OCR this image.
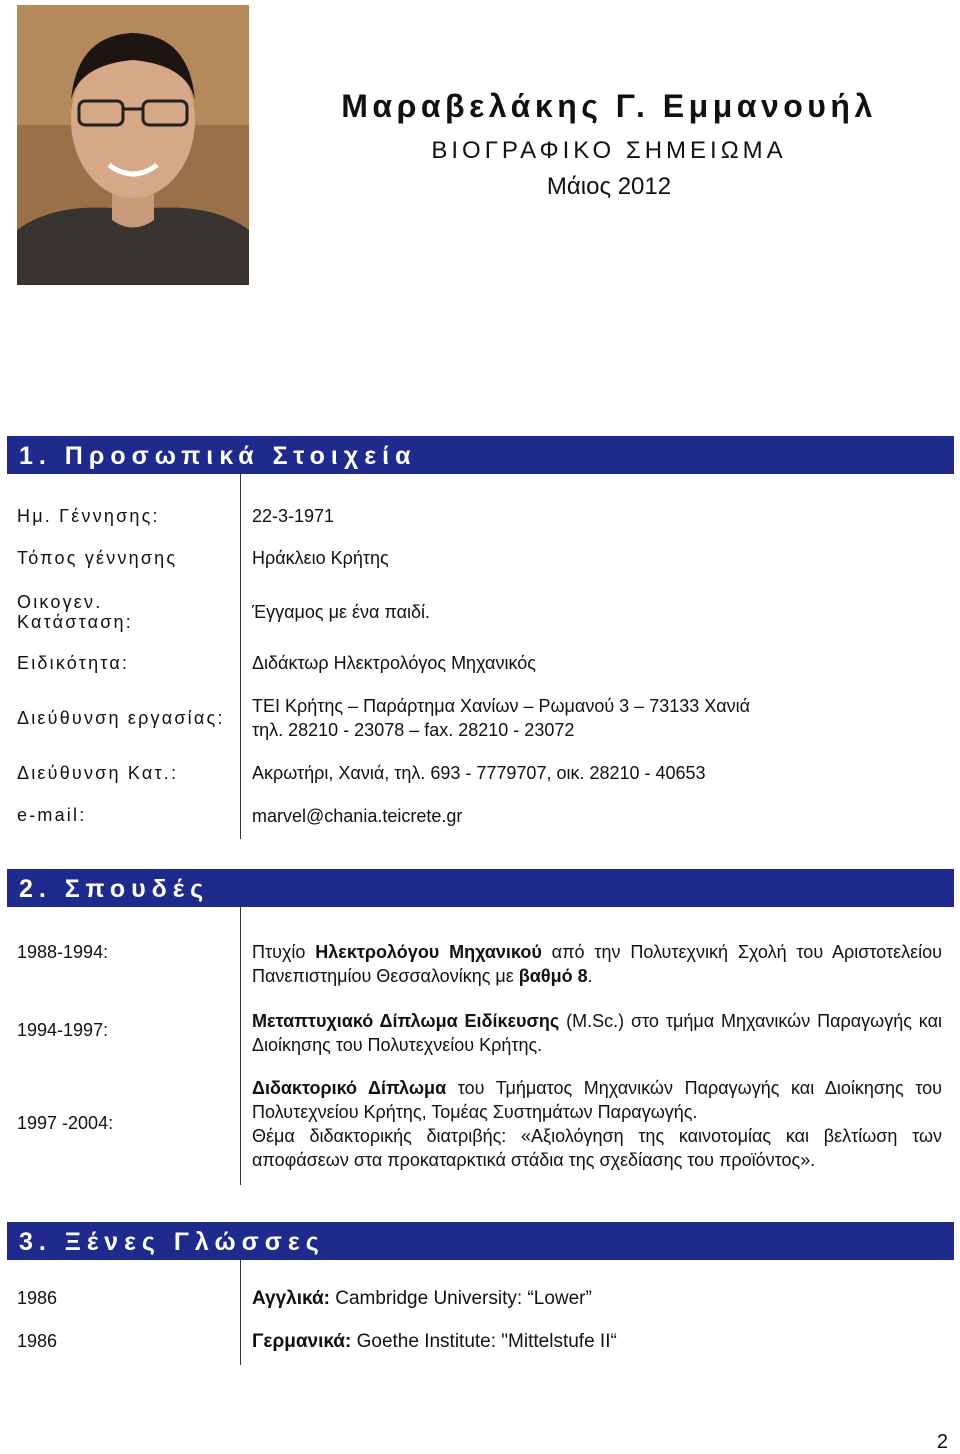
Μαραβελάκης Γ. Εμμανουήλ
ΒΙΟΓΡΑΦΙΚΟ ΣΗΜΕΙΩΜΑ
Μάιος 2012
1. Προσωπικά Στοιχεία
Ημ. Γέννησης:	22-3-1971
Τόπος γέννησης	Ηράκλειο Κρήτης
Οικογεν.
Κατάσταση:	Έγγαμος με ένα παιδί.
Ειδικότητα:	Διδάκτωρ Ηλεκτρολόγος Μηχανικός
Διεύθυνση εργασίας:
ΤΕΙ Κρήτης – Παράρτημα Χανίων – Ρωμανού 3 – 73133 Χανιά
τηλ. 28210 - 23078 – fax. 28210 - 23072
Διεύθυνση Κατ.:	Ακρωτήρι, Χανιά, τηλ. 693 - 7779707, οικ. 28210 - 40653
e-mail:	marvel@chania.teicrete.gr
2. Σπουδές
1988-1994:	Πτυχίο Ηλεκτρολόγου Μηχανικού από την Πολυτεχνική Σχολή του Αριστοτελείου Πανεπιστημίου Θεσσαλονίκης με βαθμό 8.
1994-1997:	Μεταπτυχιακό Δίπλωμα Ειδίκευσης (M.Sc.) στο τμήμα Μηχανικών Παραγωγής και Διοίκησης του Πολυτεχνείου Κρήτης.
1997 -2004:
Διδακτορικό Δίπλωμα του Τμήματος Μηχανικών Παραγωγής και Διοίκησης του Πολυτεχνείου Κρήτης, Τομέας Συστημάτων Παραγωγής.
Θέμα διδακτορικής διατριβής: «Αξιολόγηση της καινοτομίας και βελτίωση των αποφάσεων στα προκαταρκτικά στάδια της σχεδίασης του προϊόντος».
3. Ξένες Γλώσσες
1986	Αγγλικά: Cambridge University: “Lower”
1986	Γερμανικά: Goethe Institute: "Mittelstufe II“
2
